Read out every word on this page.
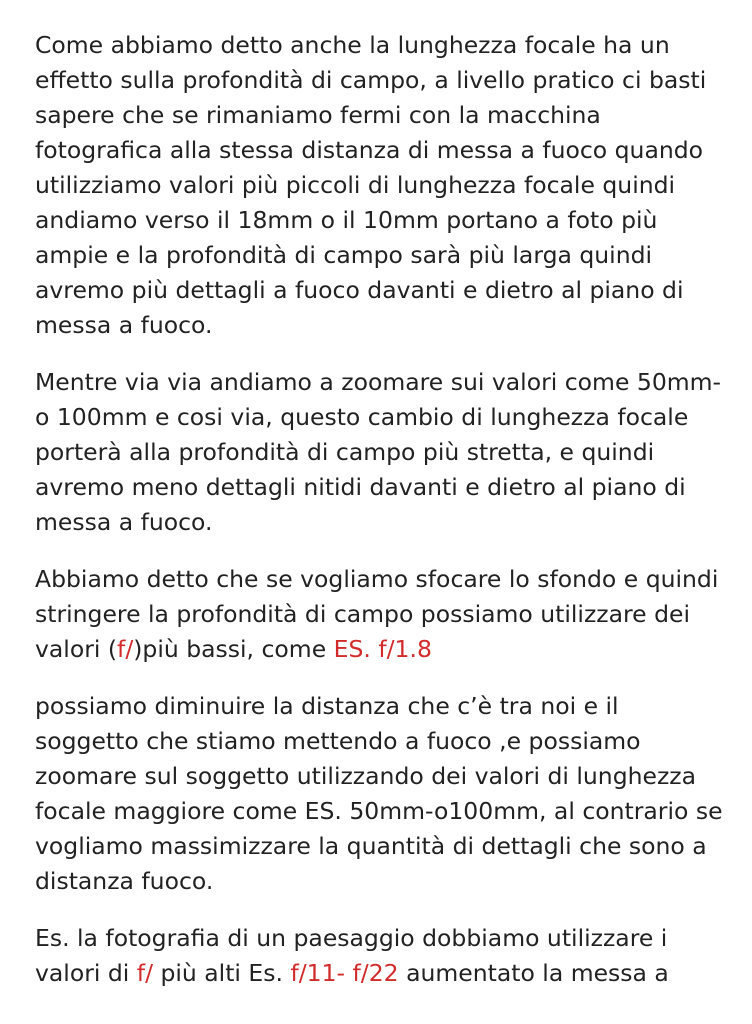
Come abbiamo detto anche la lunghezza focale ha un
effetto sulla profondità di campo, a livello pratico ci basti
sapere che se rimaniamo fermi con la macchina
fotografica alla stessa distanza di messa a fuoco quando
utilizziamo valori più piccoli di lunghezza focale quindi
andiamo verso il 18mm o il 10mm portano a foto più
ampie e la profondità di campo sarà più larga quindi
avremo più dettagli a fuoco davanti e dietro al piano di
messa a fuoco.

Mentre via via andiamo a zoomare sui valori come 50mm-
o 100mm e cosi via, questo cambio di lunghezza focale
porterà alla profondità di campo più stretta, e quindi
avremo meno dettagli nitidi davanti e dietro al piano di
messa a fuoco.

Abbiamo detto che se vogliamo sfocare lo sfondo e quindi
stringere la profondità di campo possiamo utilizzare dei
valori (f/)più bassi, come ES. f/1.8

possiamo diminuire la distanza che c’è tra noi e il
soggetto che stiamo mettendo a fuoco ,e possiamo
zoomare sul soggetto utilizzando dei valori di lunghezza
focale maggiore come ES. 50mm-o100mm, al contrario se
vogliamo massimizzare la quantità di dettagli che sono a
distanza fuoco.

Es. la fotografia di un paesaggio dobbiamo utilizzare i
valori di f/ più alti Es. f/11- f/22 aumentato la messa a
